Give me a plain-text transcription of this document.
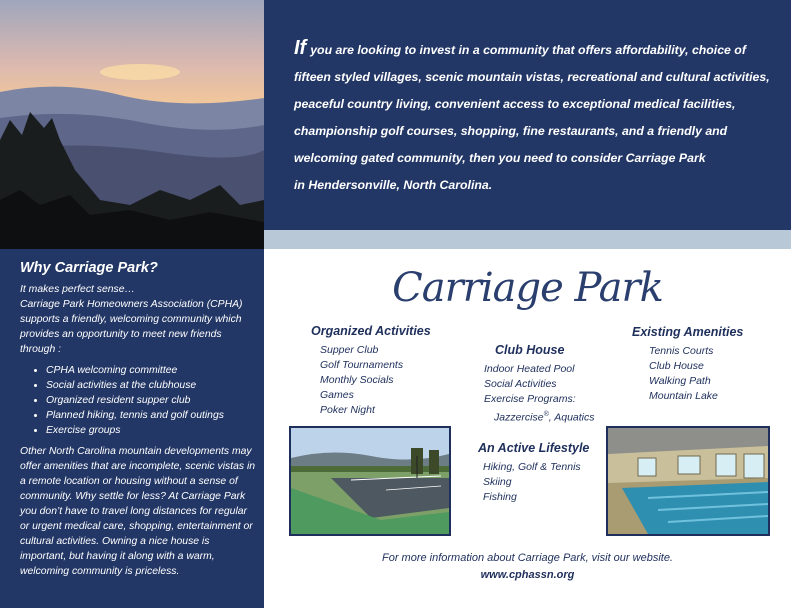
If you are looking to invest in a community that offers affordability, choice of fifteen styled villages, scenic mountain vistas, recreational and cultural activities, peaceful country living, convenient access to exceptional medical facilities, championship golf courses, shopping, fine restaurants, and a friendly and welcoming gated community, then you need to consider Carriage Park

in Hendersonville, North Carolina.

Why Carriage Park?

It makes perfect sense…

Carriage Park Homeowners Association (CPHA) supports a friendly, welcoming community which provides an opportunity to meet new friends through :

• CPHA welcoming committee
• Social activities at the clubhouse
• Organized resident supper club
• Planned hiking, tennis and golf outings
• Exercise groups

Other North Carolina mountain developments may offer amenities that are incomplete, scenic vistas in a remote location or housing without a sense of community. Why settle for less? At Carriage Park you don’t have to travel long distances for regular or urgent medical care, shopping, entertainment or cultural activities. Owning a nice house is important, but having it along with a warm, welcoming community is priceless.

Carriage Park
Organized Activities
Supper Club
Golf Tournaments
Monthly Socials
Games
Poker Night
Club House
Indoor Heated Pool
Social Activities
Exercise Programs:
Jazzercise®, Aquatics
Existing Amenities
Tennis Courts
Club House
Walking Path
Mountain Lake
An Active Lifestyle
Hiking, Golf & Tennis
Skiing
Fishing
For more information about Carriage Park, visit our website.
www.cphassn.org
